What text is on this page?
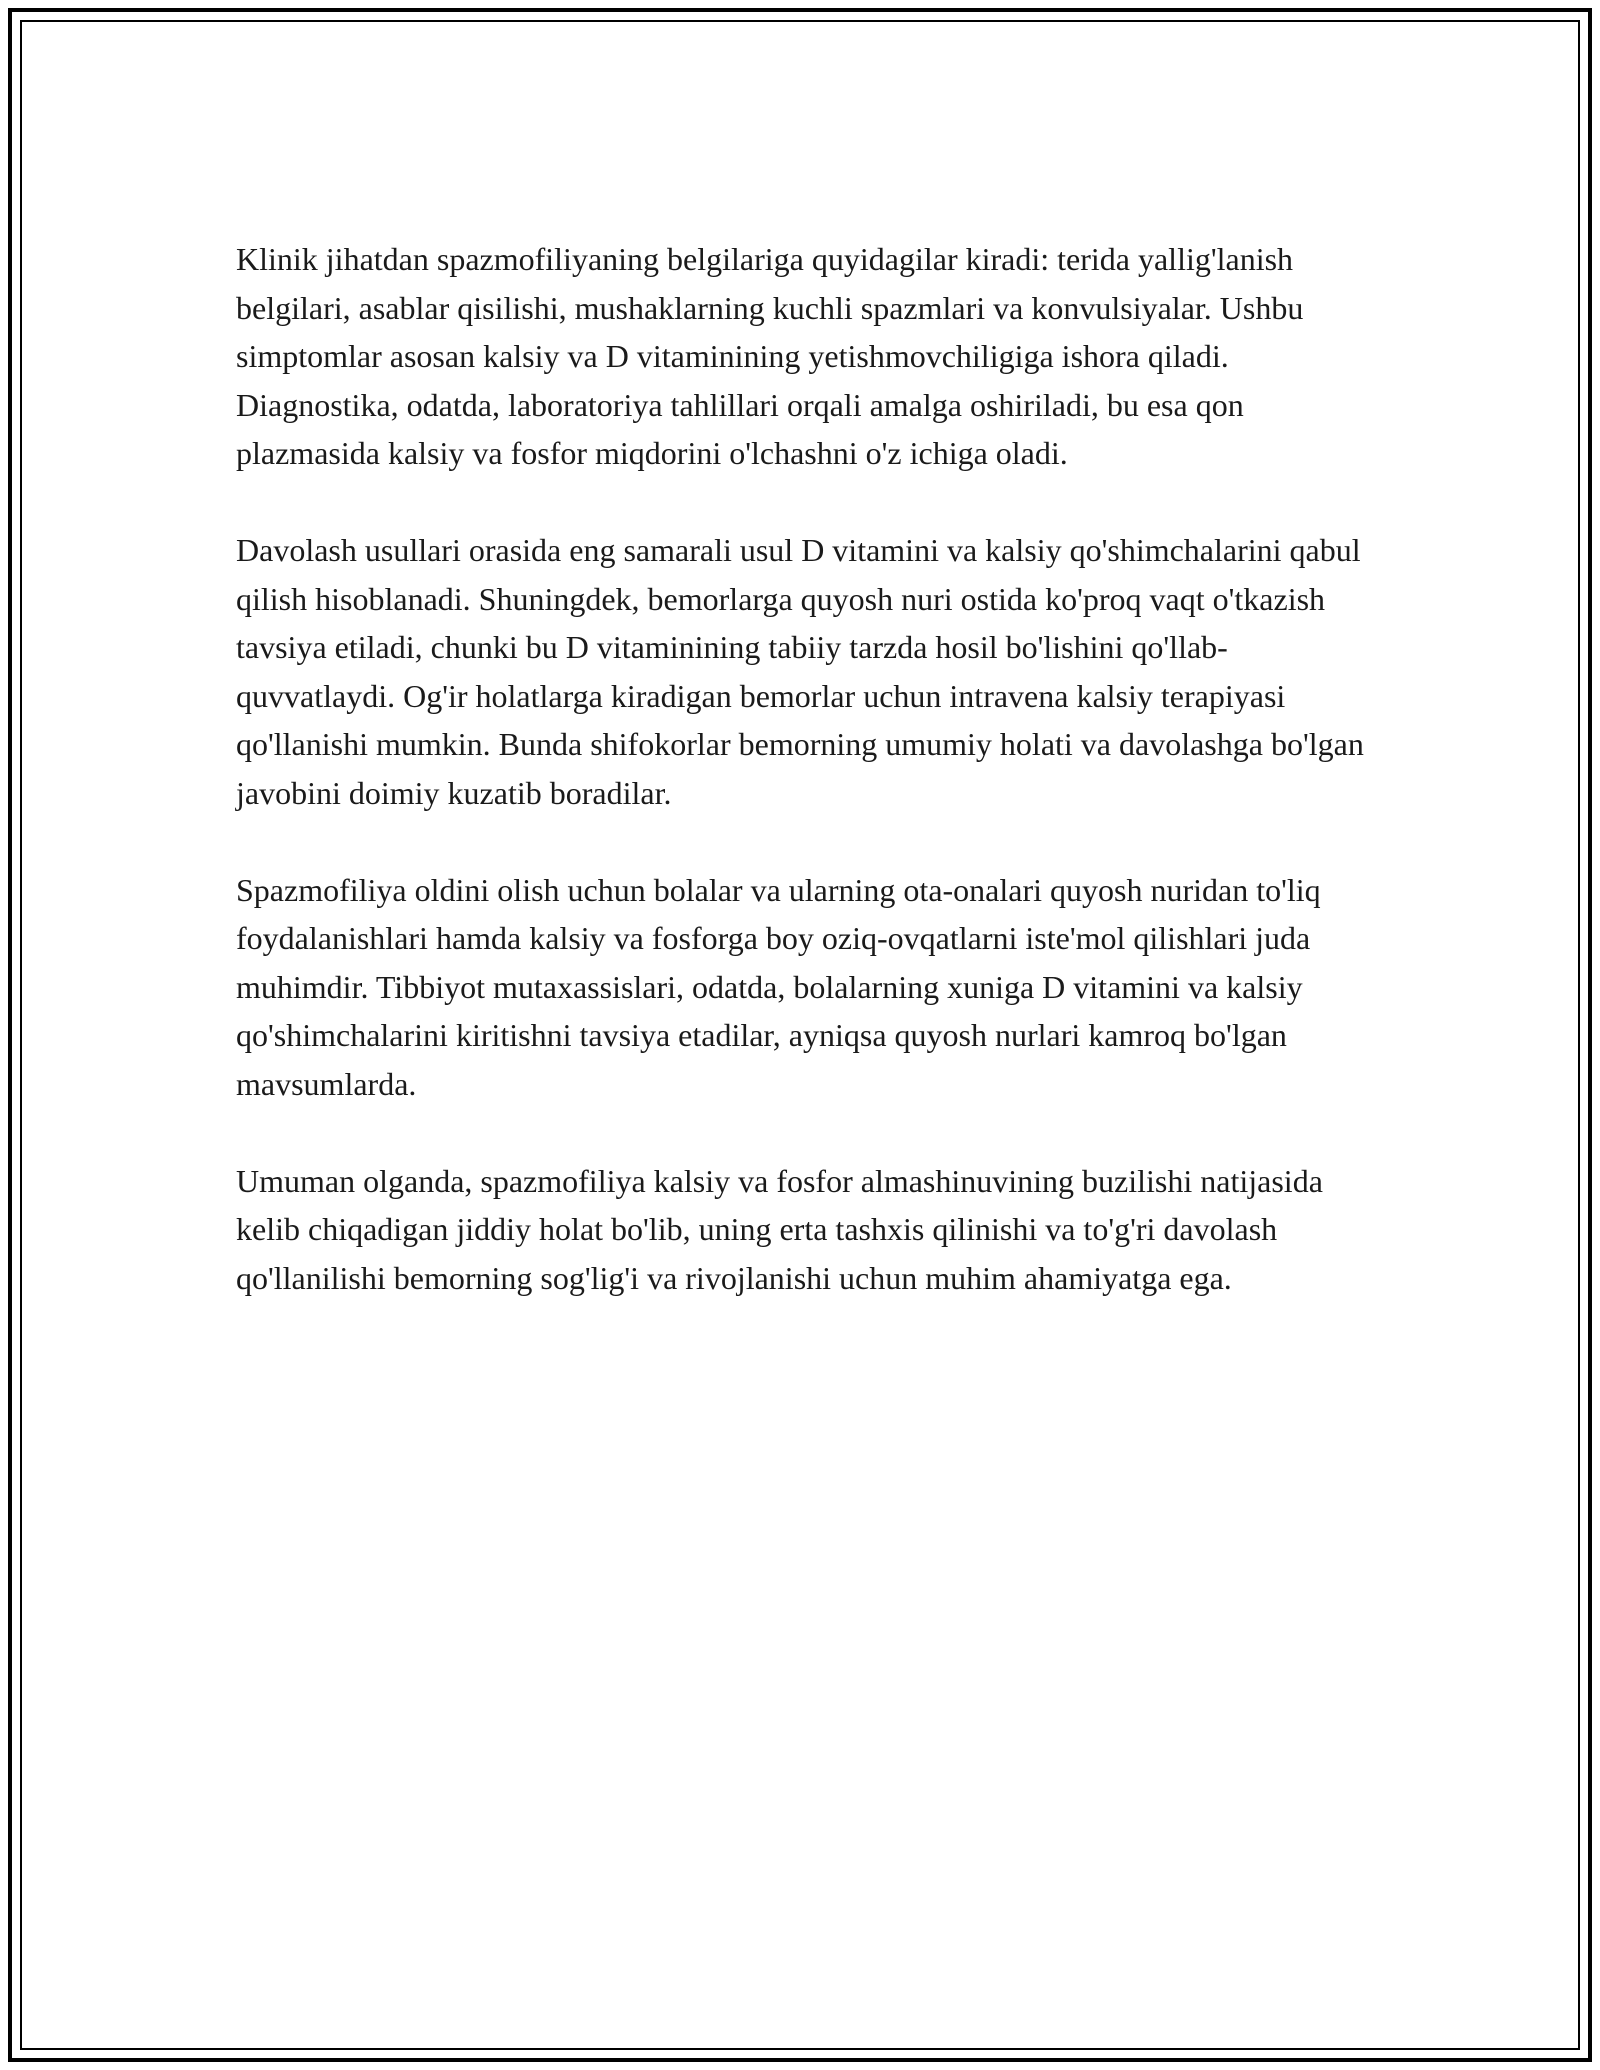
Klinik jihatdan spazmofiliyaning belgilariga quyidagilar kiradi: terida yallig'lanish belgilari, asablar qisilishi, mushaklarning kuchli spazmlari va konvulsiyalar. Ushbu simptomlar asosan kalsiy va D vitaminining yetishmovchiligiga ishora qiladi. Diagnostika, odatda, laboratoriya tahlillari orqali amalga oshiriladi, bu esa qon plazmasida kalsiy va fosfor miqdorini o'lchashni o'z ichiga oladi.

Davolash usullari orasida eng samarali usul D vitamini va kalsiy qo'shimchalarini qabul qilish hisoblanadi. Shuningdek, bemorlarga quyosh nuri ostida ko'proq vaqt o'tkazish tavsiya etiladi, chunki bu D vitaminining tabiiy tarzda hosil bo'lishini qo'llab-quvvatlaydi. Og'ir holatlarga kiradigan bemorlar uchun intravena kalsiy terapiyasi qo'llanishi mumkin. Bunda shifokorlar bemorning umumiy holati va davolashga bo'lgan javobini doimiy kuzatib boradilar.

Spazmofiliya oldini olish uchun bolalar va ularning ota-onalari quyosh nuridan to'liq foydalanishlari hamda kalsiy va fosforga boy oziq-ovqatlarni iste'mol qilishlari juda muhimdir. Tibbiyot mutaxassislari, odatda, bolalarning xuniga D vitamini va kalsiy qo'shimchalarini kiritishni tavsiya etadilar, ayniqsa quyosh nurlari kamroq bo'lgan mavsumlarda.

Umuman olganda, spazmofiliya kalsiy va fosfor almashinuvining buzilishi natijasida kelib chiqadigan jiddiy holat bo'lib, uning erta tashxis qilinishi va to'g'ri davolash qo'llanilishi bemorning sog'lig'i va rivojlanishi uchun muhim ahamiyatga ega.
